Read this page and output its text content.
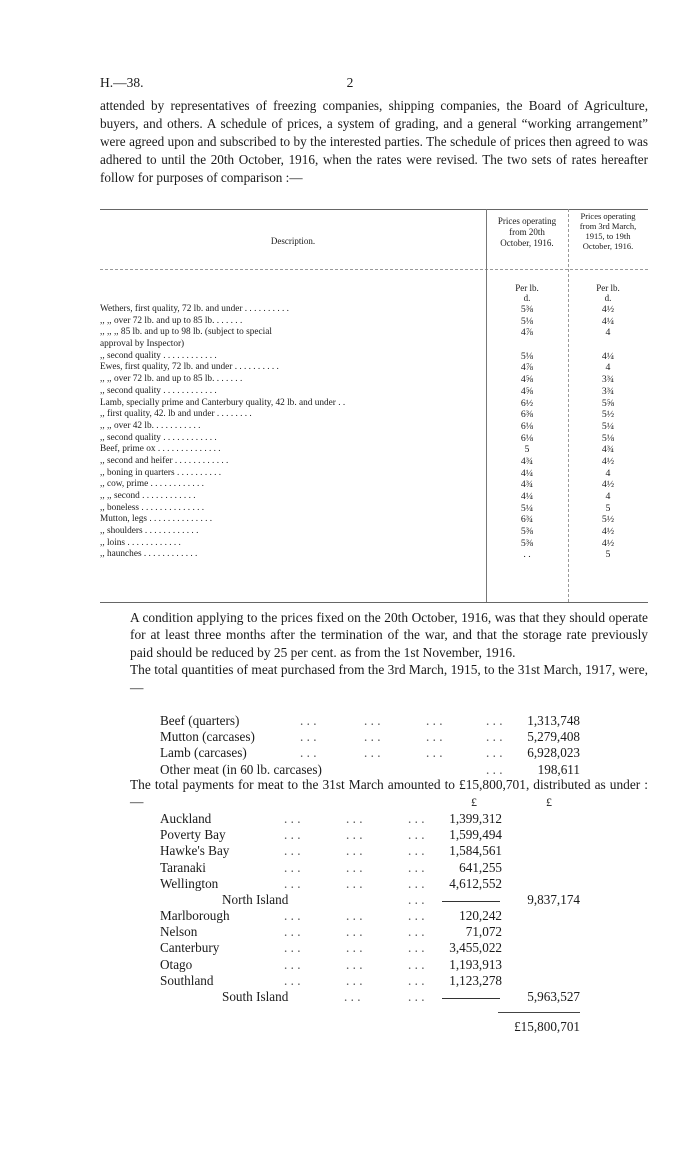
H.—38.	2
attended by representatives of freezing companies, shipping companies, the Board of Agriculture, buyers, and others. A schedule of prices, a system of grading, and a general “working arrangement” were agreed upon and subscribed to by the interested parties. The schedule of prices then agreed to was adhered to until the 20th October, 1916, when the rates were revised. The two sets of rates hereafter follow for purposes of comparison :—
Description.
Prices operating
from 20th
October, 1916.
Prices operating
from 3rd March,
1915, to 19th
October, 1916.
Per lb.
d.
Per lb.
d.
Wethers, first quality, 72 lb. and under . . . . . . . . . .	5⅜	4½
,, ,, over 72 lb. and up to 85 lb. . . . . . .	5⅛	4¼
,, ,, ,, 85 lb. and up to 98 lb. (subject to special	4⅞	4
approval by Inspector)
,, second quality . . . . . . . . . . . .	5⅛	4¼
Ewes, first quality, 72 lb. and under . . . . . . . . . .	4⅞	4
,, ,, over 72 lb. and up to 85 lb. . . . . . .	4⅝	3¾
,, second quality . . . . . . . . . . . .	4⅝	3¾
Lamb, specially prime and Canterbury quality, 42 lb. and under . .	6½	5⅝
,, first quality, 42. lb and under . . . . . . . .	6⅜	5½
,, ,, over 42 lb. . . . . . . . . . .	6⅛	5¼
,, second quality . . . . . . . . . . . .	6⅛	5⅛
Beef, prime ox . . . . . . . . . . . . . .	5	4¾
,, second and heifer . . . . . . . . . . . .	4¾	4½
,, boning in quarters . . . . . . . . . .	4¼	4
,, cow, prime . . . . . . . . . . . .	4¾	4½
,, ,, second . . . . . . . . . . . .	4¼	4
,, boneless . . . . . . . . . . . . . .	5¼	5
Mutton, legs . . . . . . . . . . . . . .	6¾	5½
,, shoulders . . . . . . . . . . . .	5⅜	4½
,, loins . . . . . . . . . . . .	5⅜	4½
,, haunches . . . . . . . . . . . .	. .	5
A condition applying to the prices fixed on the 20th October, 1916, was that they should operate for at least three months after the termination of the war, and that the storage rate previously paid should be reduced by 25 per cent. as from the 1st November, 1916.
The total quantities of meat purchased from the 3rd March, 1915, to the 31st March, 1917, were,—
Beef (quarters)	. . .	. . .	. . .	. . .	1,313,748
Mutton (carcases)	. . .	. . .	. . .	. . .	5,279,408
Lamb (carcases)	. . .	. . .	. . .	. . .	6,928,023
Other meat (in 60 lb. carcases)	. . .	198,611
The total payments for meat to the 31st March amounted to £15,800,701, distributed as under :—	£	£
Auckland	. . .	. . .	. . .	1,399,312
Poverty Bay	. . .	. . .	. . .	1,599,494
Hawke's Bay	. . .	. . .	. . .	1,584,561
Taranaki	. . .	. . .	. . .	641,255
Wellington	. . .	. . .	. . .	4,612,552
North Island	. . .	9,837,174
Marlborough	. . .	. . .	. . .	120,242
Nelson	. . .	. . .	. . .	71,072
Canterbury	. . .	. . .	. . .	3,455,022
Otago	. . .	. . .	. . .	1,193,913
Southland	. . .	. . .	. . .	1,123,278
South Island	. . .	. . .	5,963,527
£15,800,701
